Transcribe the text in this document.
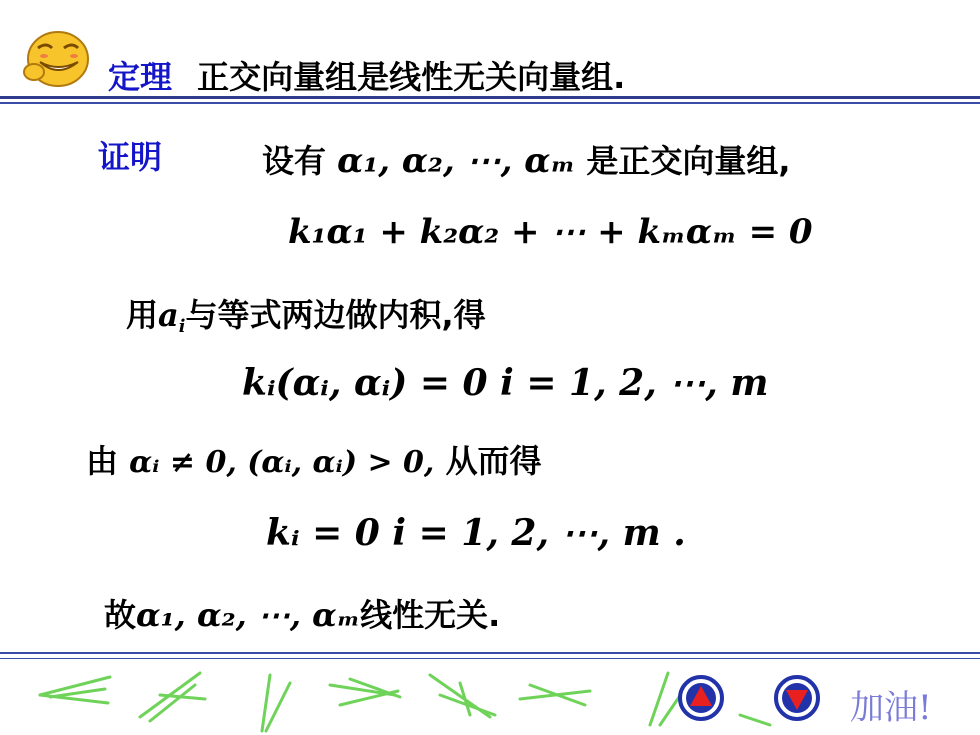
定理 正交向量组是线性无关向量组.
证明	设有 α₁, α₂, ⋯, αₘ 是正交向量组,
k₁α₁ + k₂α₂ + ⋯ + kₘαₘ = 0
用$a_i$与等式两边做内积,得
kᵢ(αᵢ, αᵢ) = 0 i = 1, 2, ⋯, m
由 αᵢ ≠ 0, (αᵢ, αᵢ) > 0, 从而得
kᵢ = 0 i = 1, 2, ⋯, m .
故α₁, α₂, ⋯, αₘ线性无关.
加油!
